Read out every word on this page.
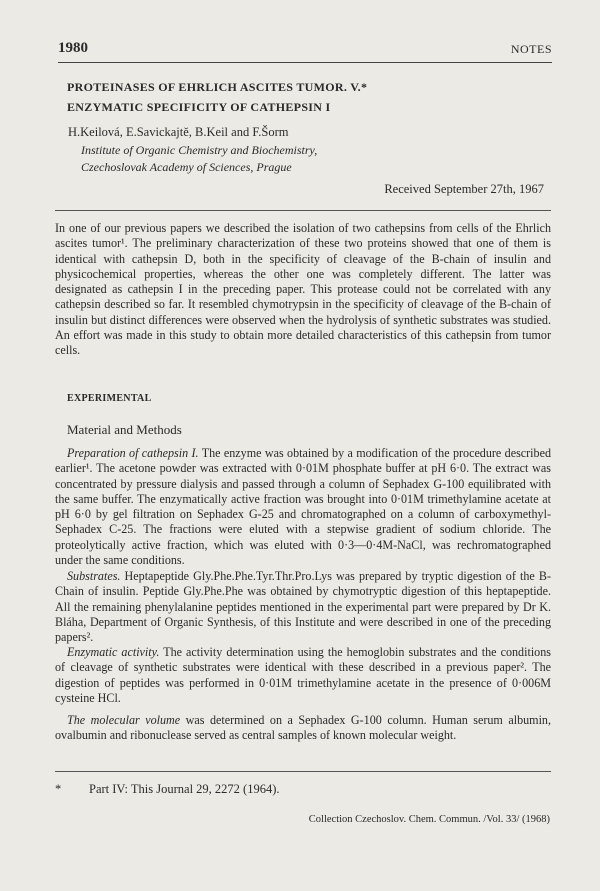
1980	NOTES
PROTEINASES OF EHRLICH ASCITES TUMOR. V.*
ENZYMATIC SPECIFICITY OF CATHEPSIN I
H.Keilová, E.Savickajtě, B.Keil and F.Šorm
Institute of Organic Chemistry and Biochemistry,
Czechoslovak Academy of Sciences, Prague
Received September 27th, 1967

In one of our previous papers we described the isolation of two cathepsins from cells of the Ehrlich ascites tumor¹. The preliminary characterization of these two proteins showed that one of them is identical with cathepsin D, both in the specificity of cleavage of the B-chain of insulin and physicochemical properties, whereas the other one was completely different. The latter was designated as cathepsin I in the preceding paper. This protease could not be correlated with any cathepsin described so far. It resembled chymotrypsin in the specificity of cleavage of the B-chain of insulin but distinct differences were observed when the hydrolysis of synthetic substrates was studied. An effort was made in this study to obtain more detailed characteristics of this cathepsin from tumor cells.

EXPERIMENTAL
Material and Methods

Preparation of cathepsin I. The enzyme was obtained by a modification of the procedure described earlier¹. The acetone powder was extracted with 0·01M phosphate buffer at pH 6·0. The extract was concentrated by pressure dialysis and passed through a column of Sephadex G-100 equilibrated with the same buffer. The enzymatically active fraction was brought into 0·01M trimethylamine acetate at pH 6·0 by gel filtration on Sephadex G-25 and chromatographed on a column of carboxymethyl-Sephadex C-25. The fractions were eluted with a stepwise gradient of sodium chloride. The proteolytically active fraction, which was eluted with 0·3—0·4M-NaCl, was rechromatographed under the same conditions.

Substrates. Heptapeptide Gly.Phe.Phe.Tyr.Thr.Pro.Lys was prepared by tryptic digestion of the B-Chain of insulin. Peptide Gly.Phe.Phe was obtained by chymotryptic digestion of this heptapeptide. All the remaining phenylalanine peptides mentioned in the experimental part were prepared by Dr K. Bláha, Department of Organic Synthesis, of this Institute and were described in one of the preceding papers².

Enzymatic activity. The activity determination using the hemoglobin substrates and the conditions of cleavage of synthetic substrates were identical with these described in a previous paper². The digestion of peptides was performed in 0·01M trimethylamine acetate in the presence of 0·006M cysteine HCl.

The molecular volume was determined on a Sephadex G-100 column. Human serum albumin, ovalbumin and ribonuclease served as central samples of known molecular weight.

* Part IV: This Journal 29, 2272 (1964).
Collection Czechoslov. Chem. Commun. /Vol. 33/ (1968)
